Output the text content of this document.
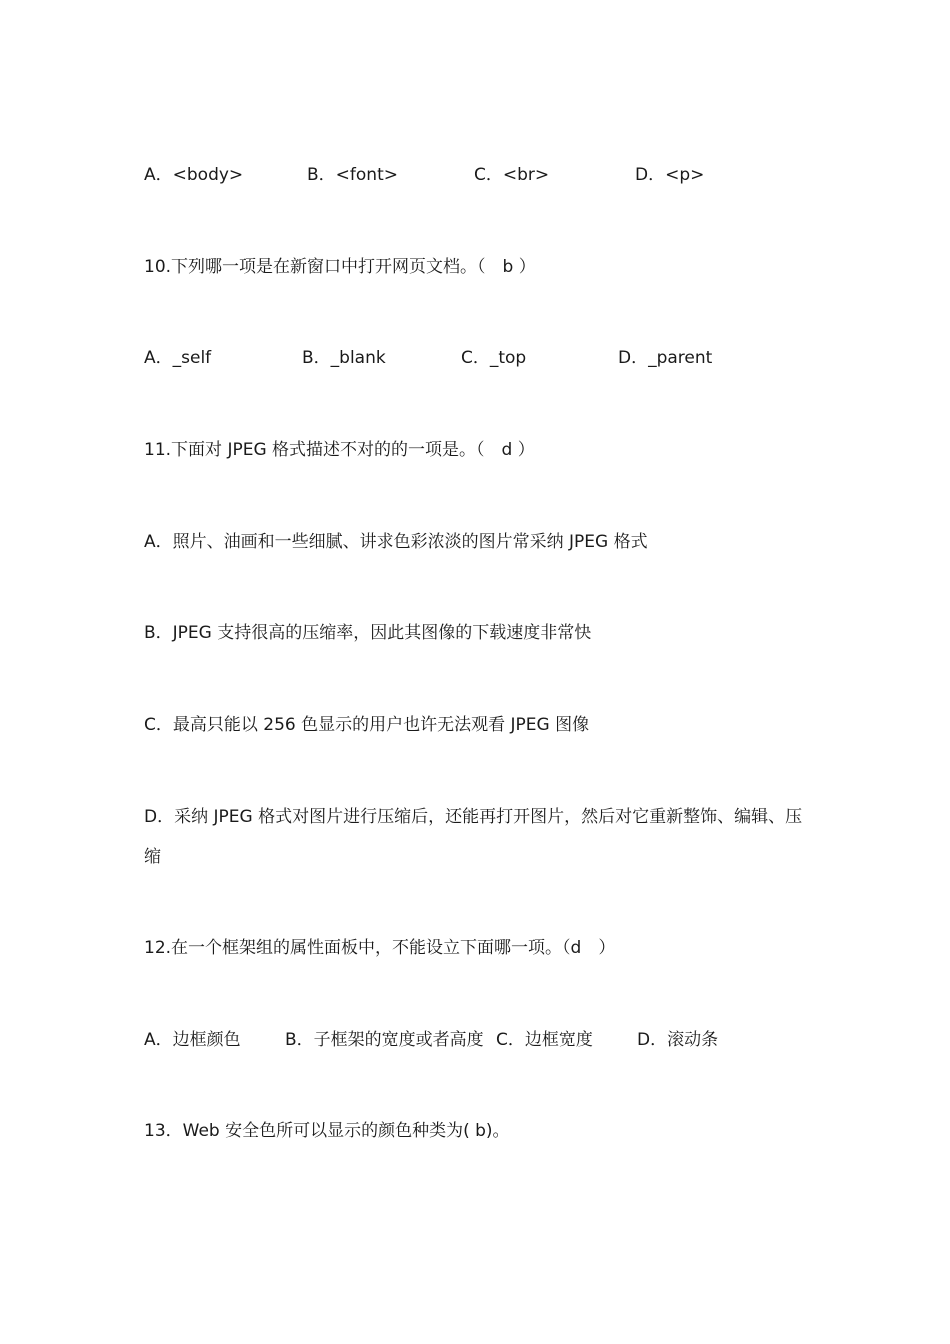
A．<body>	B．<font>	C．<br>	D．<p>
10.下列哪一项是在新窗口中打开网页文档。（　b ）
A．_self	B．_blank	C．_top	D．_parent
11.下面对 JPEG 格式描述不对的的一项是。（　d ）
A．照片、油画和一些细腻、讲求色彩浓淡的图片常采纳 JPEG 格式
B．JPEG 支持很高的压缩率，因此其图像的下载速度非常快
C．最高只能以 256 色显示的用户也许无法观看 JPEG 图像
D．采纳 JPEG 格式对图片进行压缩后，还能再打开图片，然后对它重新整饰、编辑、压缩
12.在一个框架组的属性面板中，不能设立下面哪一项。（d　）
A．边框颜色	B．子框架的宽度或者高度 C．边框宽度	D．滚动条
13．Web 安全色所可以显示的颜色种类为( b)。
